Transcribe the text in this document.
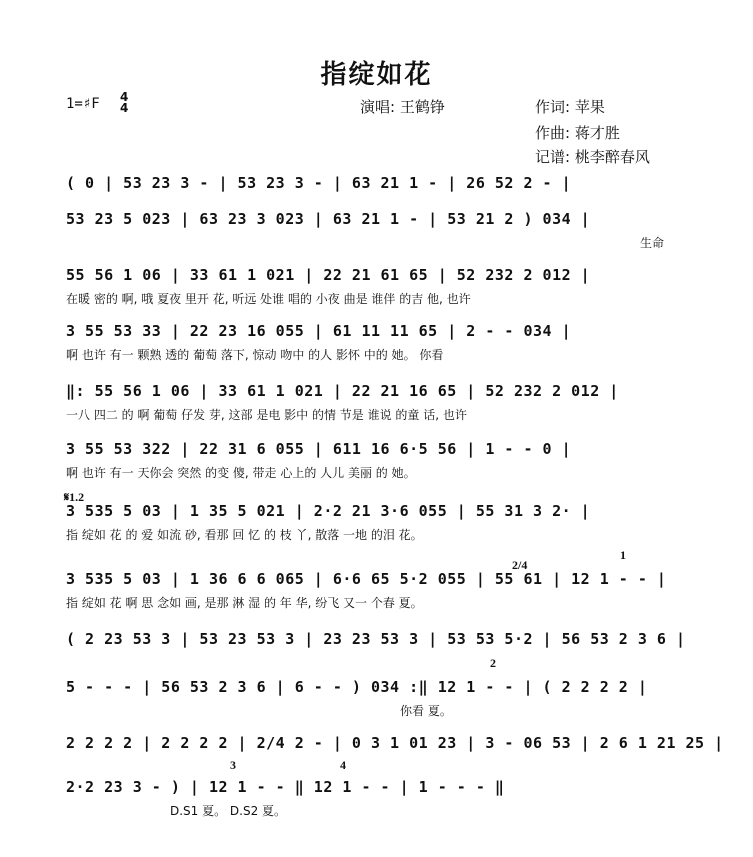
指绽如花
1=♯F 4
4	演唱: 王鹤铮	作词: 苹果
作曲: 蒋才胜
记谱: 桃李醉春风
( 0 | 53 23 3 - | 53 23 3 - | 63 21 1 - | 26 52 2 - |
53 23 5 023 | 63 23 3 023 | 63 21 1 - | 53 21 2 ) 034 |
生命
55 56 1 06 | 33 61 1 021 | 22 21 61 65 | 52 232 2 012 |
在暖 密的 啊, 哦 夏夜 里开 花, 听远 处谁 唱的 小夜 曲是 谁伴 的吉 他, 也许
3 55 53 33 | 22 23 16 055 | 61 11 11 65 | 2 - - 034 |
啊 也许 有一 颗熟 透的 葡萄 落下, 惊动 吻中 的人 影怀 中的 她。 你看
‖: 55 56 1 06 | 33 61 1 021 | 22 21 16 65 | 52 232 2 012 |
一八 四二 的 啊 葡萄 仔发 芽, 这部 是电 影中 的情 节是 谁说 的童 话, 也许
3 55 53 322 | 22 31 6 055 | 611 16 6·5 56 | 1 - - 0 |
啊 也许 有一 天你会 突然 的变 傻, 带走 心上的 人儿 美丽 的 她。
𝄋1.2
3 535 5 03 | 1 35 5 021 | 2·2 21 3·6 055 | 55 31 3 2· |
指 绽如 花 的 爱 如流 砂, 看那 回 忆 的 枝 丫, 散落 一地 的泪 花。
2/4
1
3 535 5 03 | 1 36 6 6 065 | 6·6 65 5·2 055 | 55 61 | 12 1 - - |
指 绽如 花 啊 思 念如 画, 是那 淋 湿 的 年 华, 纷飞 又一 个春 夏。
( 2 23 53 3 | 53 23 53 3 | 23 23 53 3 | 53 53 5·2 | 56 53 2 3 6 |
2
5 - - - | 56 53 2 3 6 | 6 - - ) 034 :‖ 12 1 - - | ( 2 2 2 2 |
你看 夏。
2 2 2 2 | 2 2 2 2 | 2/4 2 - | 0 3 1 01 23 | 3 - 06 53 | 2 6 1 21 25 |
3	4
2·2 23 3 - ) | 12 1 - - ‖ 12 1 - - | 1 - - - ‖
D.S1 夏。 D.S2 夏。
